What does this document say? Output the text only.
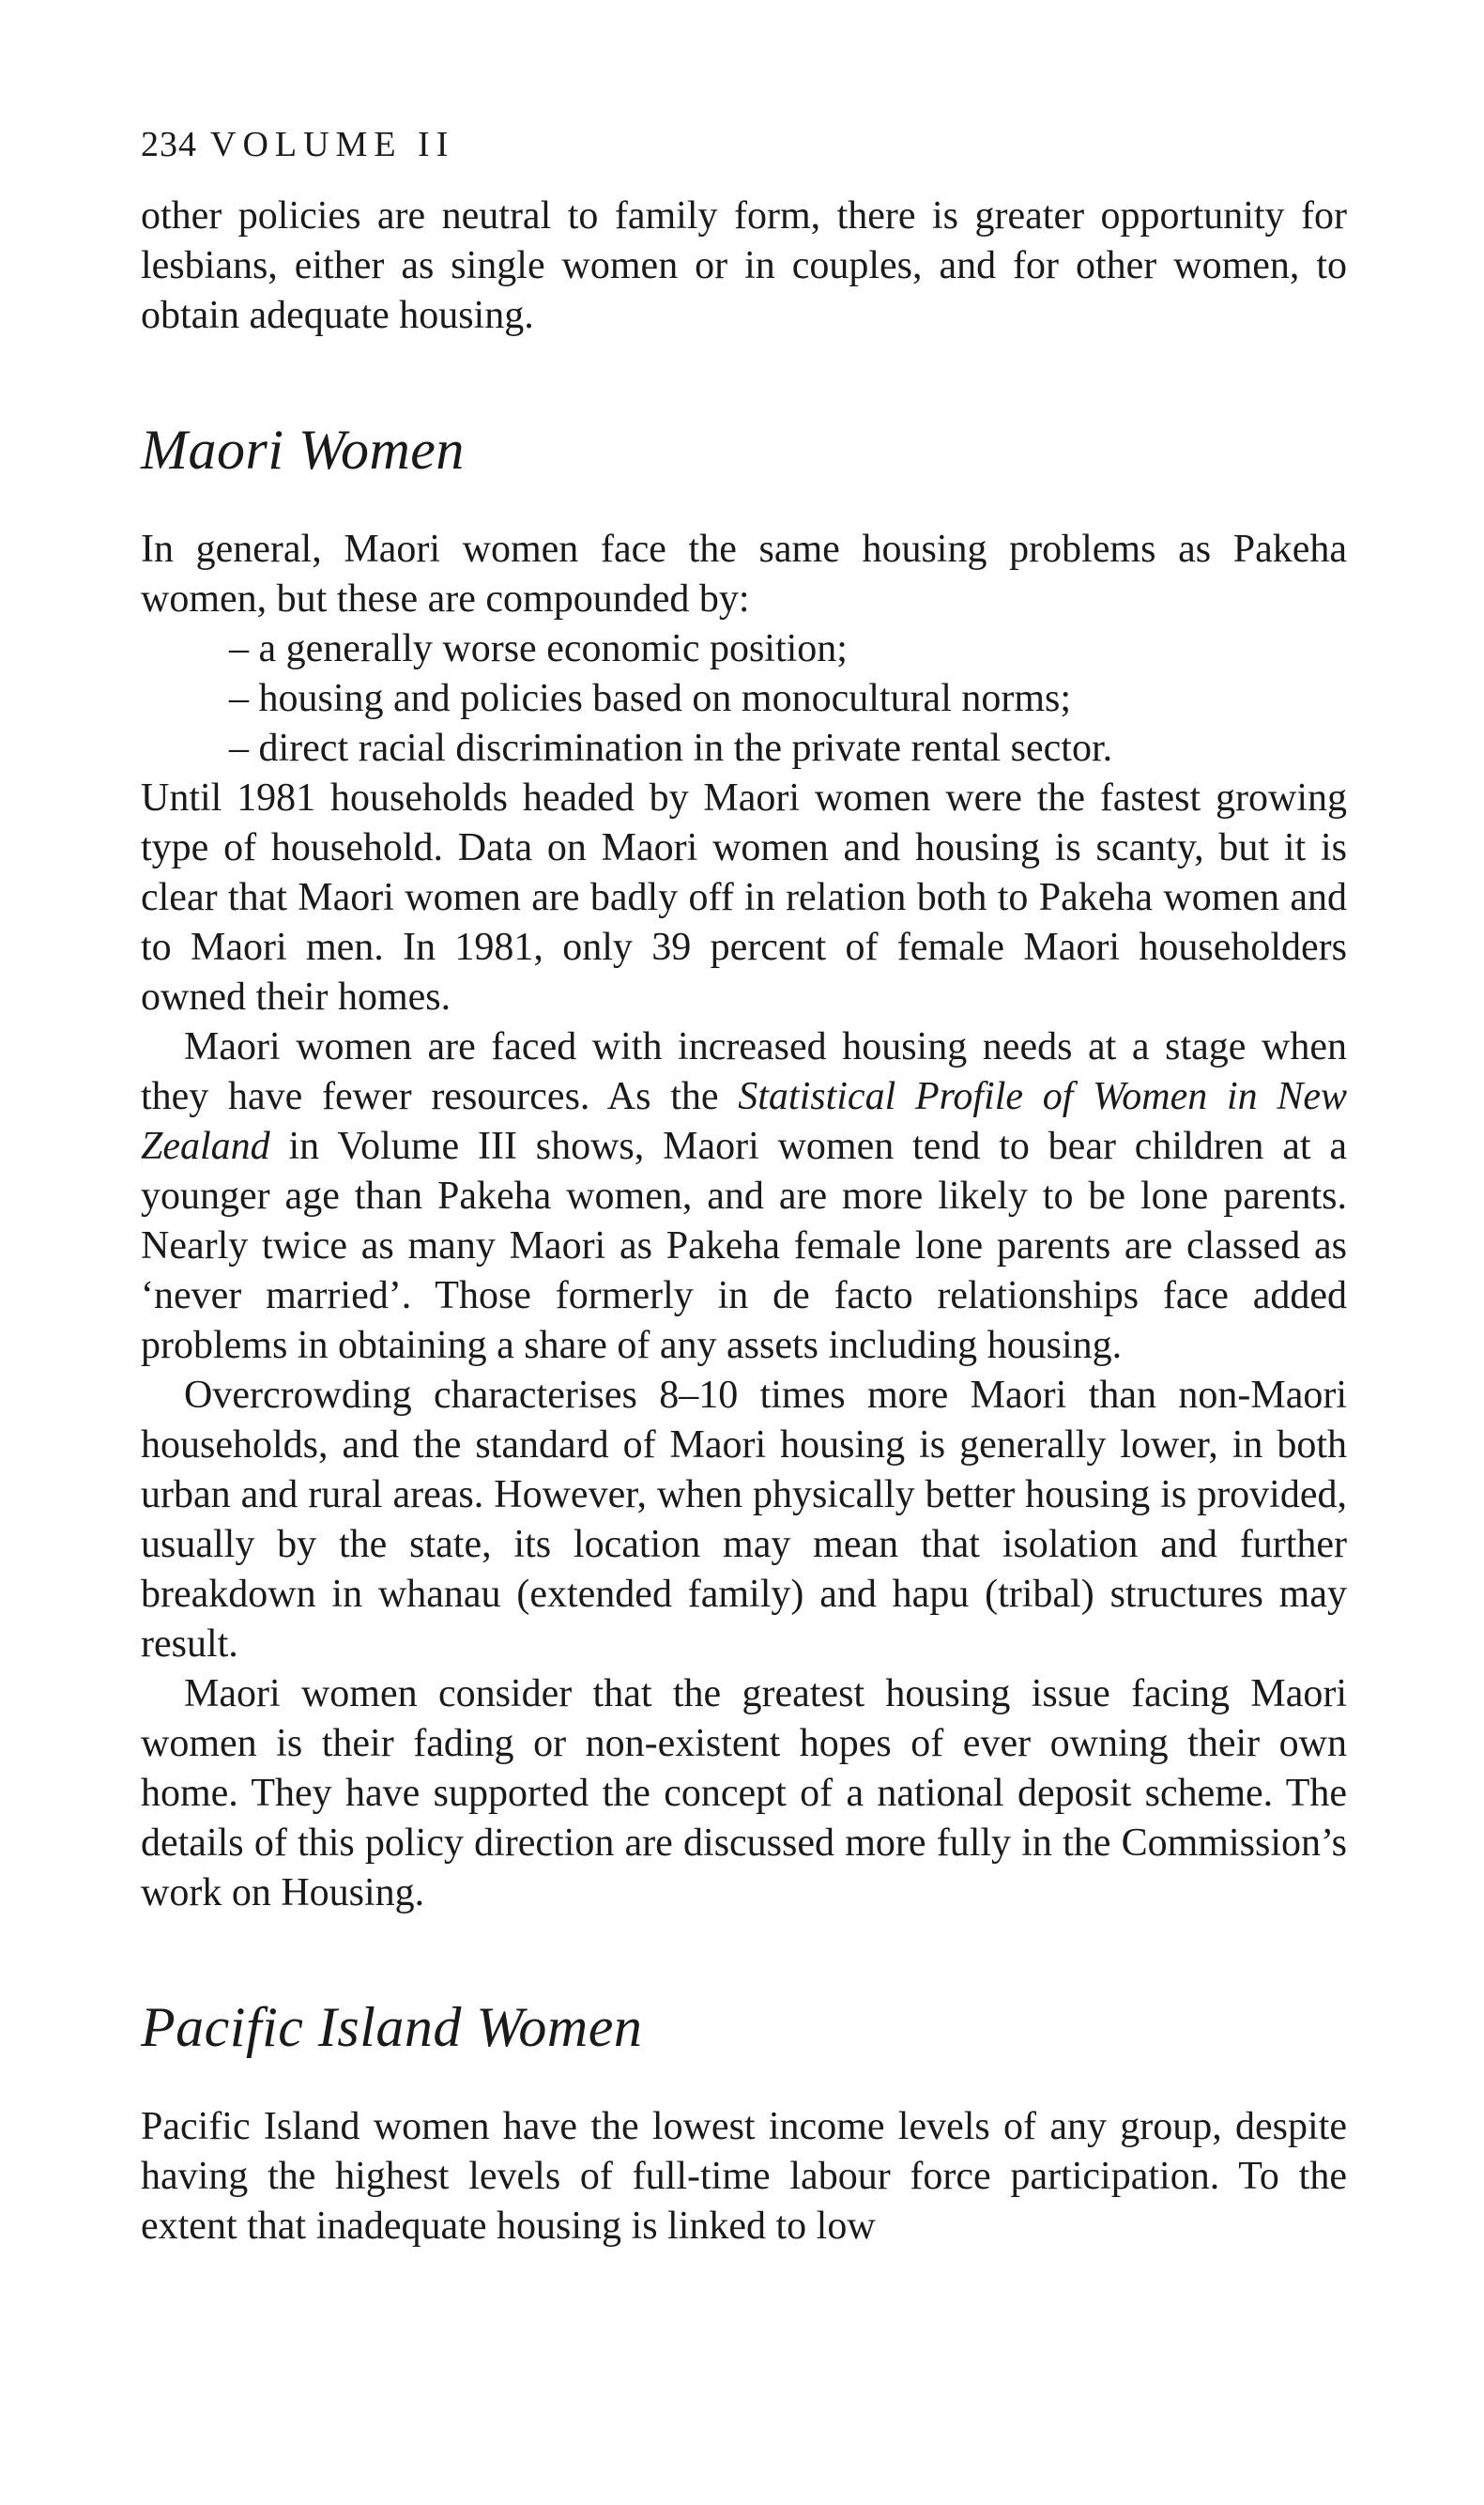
234 VOLUME II

other policies are neutral to family form, there is greater opportunity for lesbians, either as single women or in couples, and for other women, to obtain adequate housing.

Maori Women

In general, Maori women face the same housing problems as Pakeha women, but these are compounded by:

– a generally worse economic position;
– housing and policies based on monocultural norms;
– direct racial discrimination in the private rental sector.

Until 1981 households headed by Maori women were the fastest growing type of household. Data on Maori women and housing is scanty, but it is clear that Maori women are badly off in relation both to Pakeha women and to Maori men. In 1981, only 39 percent of female Maori householders owned their homes.

Maori women are faced with increased housing needs at a stage when they have fewer resources. As the Statistical Profile of Women in New Zealand in Volume III shows, Maori women tend to bear children at a younger age than Pakeha women, and are more likely to be lone parents. Nearly twice as many Maori as Pakeha female lone parents are classed as ‘never married’. Those formerly in de facto relationships face added problems in obtaining a share of any assets including housing.

Overcrowding characterises 8–10 times more Maori than non-Maori households, and the standard of Maori housing is generally lower, in both urban and rural areas. However, when physically better housing is provided, usually by the state, its location may mean that isolation and further breakdown in whanau (extended family) and hapu (tribal) structures may result.

Maori women consider that the greatest housing issue facing Maori women is their fading or non-existent hopes of ever owning their own home. They have supported the concept of a national deposit scheme. The details of this policy direction are discussed more fully in the Commission’s work on Housing.

Pacific Island Women

Pacific Island women have the lowest income levels of any group, despite having the highest levels of full-time labour force participation. To the extent that inadequate housing is linked to low
